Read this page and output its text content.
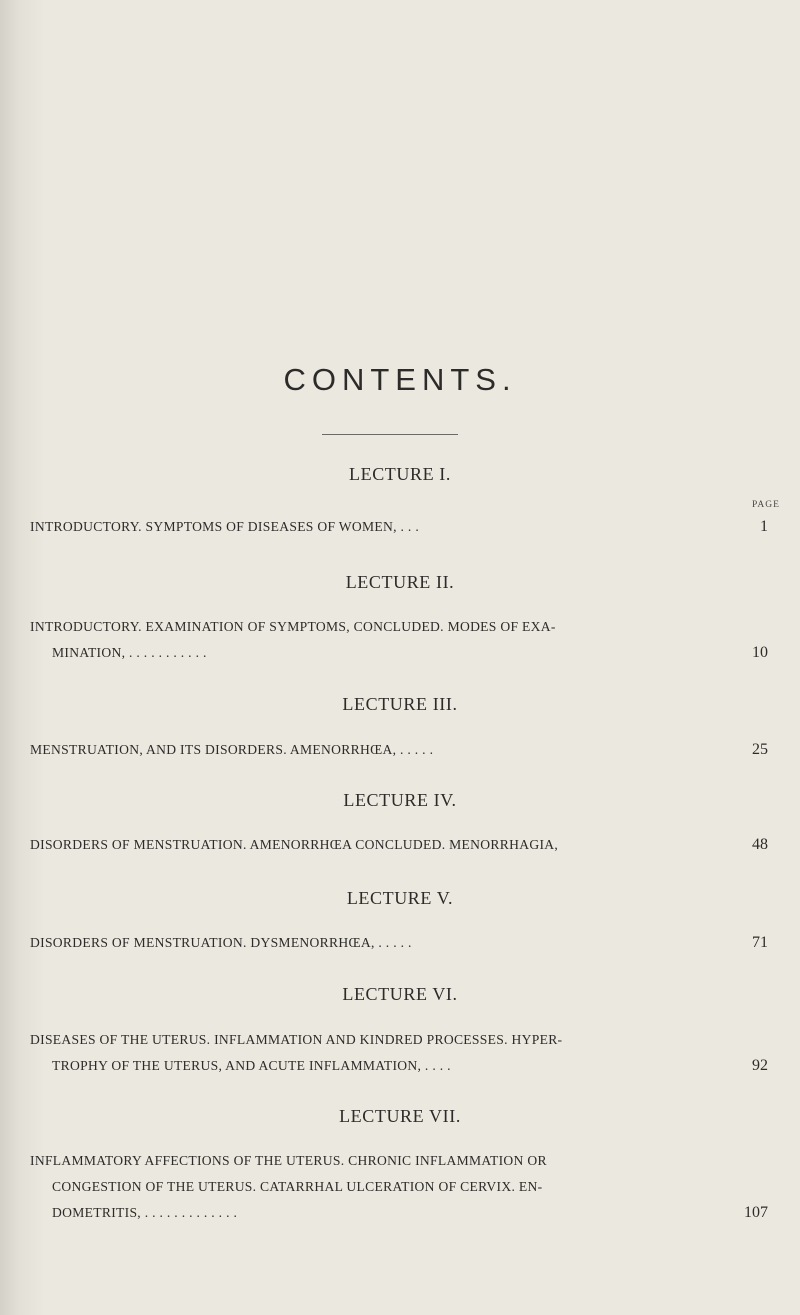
CONTENTS.
LECTURE I.
PAGE
INTRODUCTORY. SYMPTOMS OF DISEASES OF WOMEN, . . .	1
LECTURE II.
INTRODUCTORY. EXAMINATION OF SYMPTOMS, CONCLUDED. MODES OF EXA-
MINATION, . . . . . . . . . . .	10
LECTURE III.
MENSTRUATION, AND ITS DISORDERS. AMENORRHŒA, . . . . .	25
LECTURE IV.
DISORDERS OF MENSTRUATION. AMENORRHŒA CONCLUDED. MENORRHAGIA,	48
LECTURE V.
DISORDERS OF MENSTRUATION. DYSMENORRHŒA, . . . . .	71
LECTURE VI.
DISEASES OF THE UTERUS. INFLAMMATION AND KINDRED PROCESSES. HYPER-
TROPHY OF THE UTERUS, AND ACUTE INFLAMMATION, . . . .	92
LECTURE VII.
INFLAMMATORY AFFECTIONS OF THE UTERUS. CHRONIC INFLAMMATION OR
CONGESTION OF THE UTERUS. CATARRHAL ULCERATION OF CERVIX. EN-
DOMETRITIS, . . . . . . . . . . . . .	107
